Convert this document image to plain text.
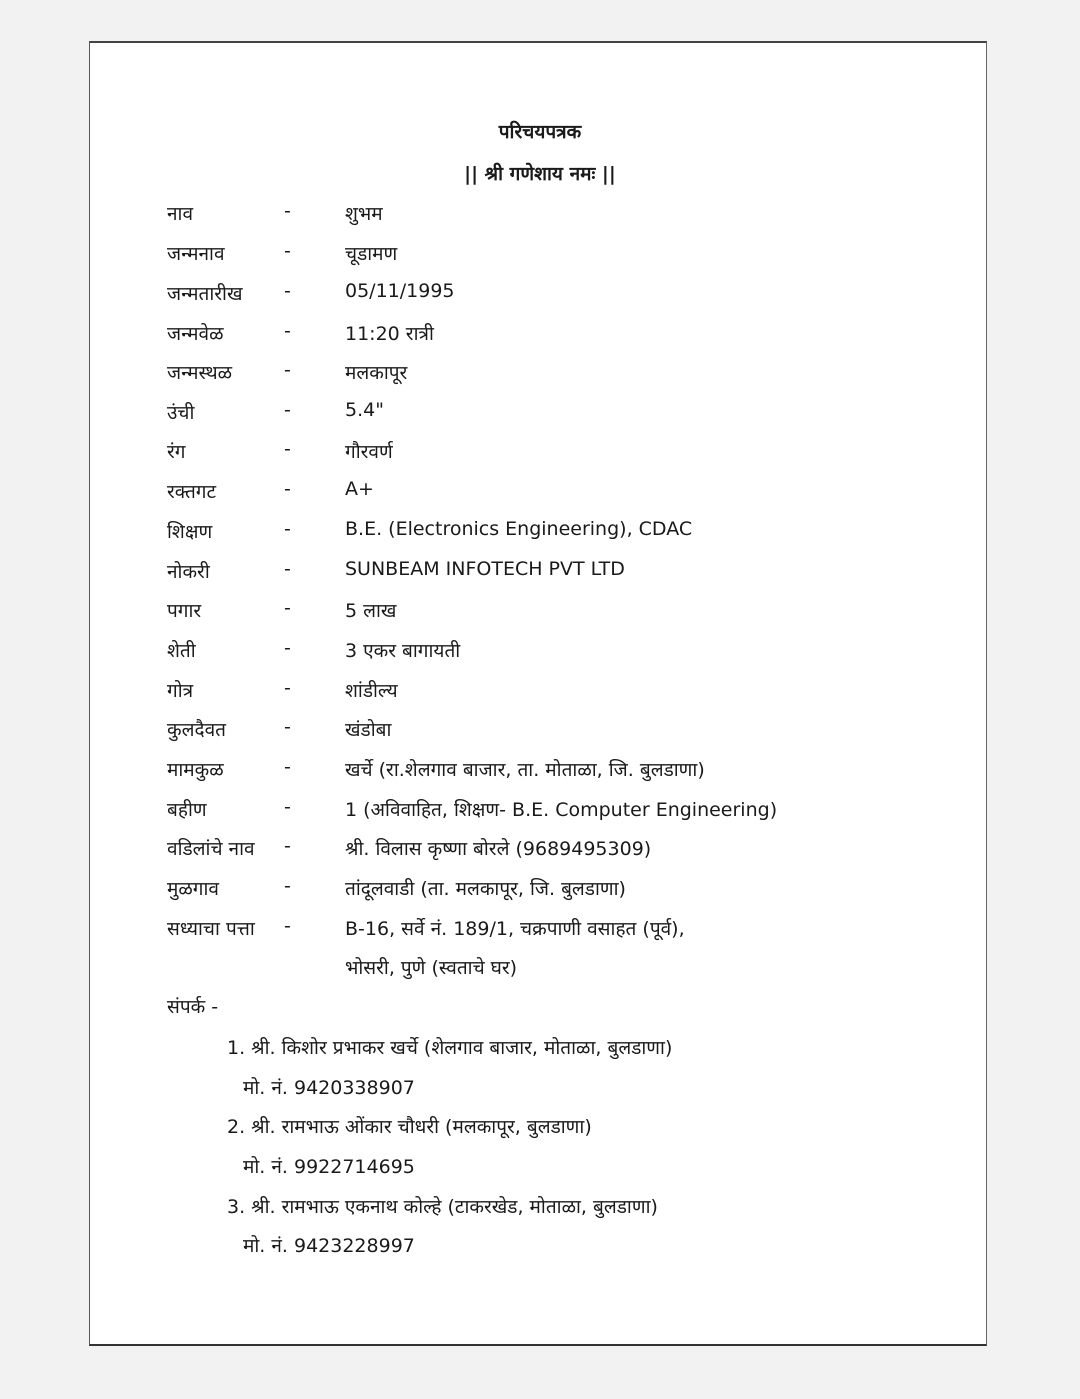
परिचयपत्रक
|| श्री गणेशाय नमः ||
नाव	-	शुभम
जन्मनाव	-	चूडामण
जन्मतारीख -	05/11/1995
जन्मवेळ	-	11:20 रात्री
जन्मस्थळ	-	मलकापूर
उंची	-	5.4"
रंग	-	गौरवर्ण
रक्तगट	-	A+
शिक्षण	-	B.E. (Electronics Engineering), CDAC
नोकरी	-	SUNBEAM INFOTECH PVT LTD
पगार	-	5 लाख
शेती	-	3 एकर बागायती
गोत्र	-	शांडील्य
कुलदैवत	-	खंडोबा
मामकुळ	-	खर्चे (रा.शेलगाव बाजार, ता. मोताळा, जि. बुलडाणा)
बहीण	-	1 (अविवाहित, शिक्षण- B.E. Computer Engineering)
वडिलांचे नाव -	श्री. विलास कृष्णा बोरले (9689495309)
मुळगाव	-	तांदूलवाडी (ता. मलकापूर, जि. बुलडाणा)
सध्याचा पत्ता -	B-16, सर्वे नं. 189/1, चक्रपाणी वसाहत (पूर्व),
भोसरी, पुणे (स्वताचे घर)
संपर्क -
1. श्री. किशोर प्रभाकर खर्चे (शेलगाव बाजार, मोताळा, बुलडाणा)
मो. नं. 9420338907
2. श्री. रामभाऊ ओंकार चौधरी (मलकापूर, बुलडाणा)
मो. नं. 9922714695
3. श्री. रामभाऊ एकनाथ कोल्हे (टाकरखेड, मोताळा, बुलडाणा)
मो. नं. 9423228997
